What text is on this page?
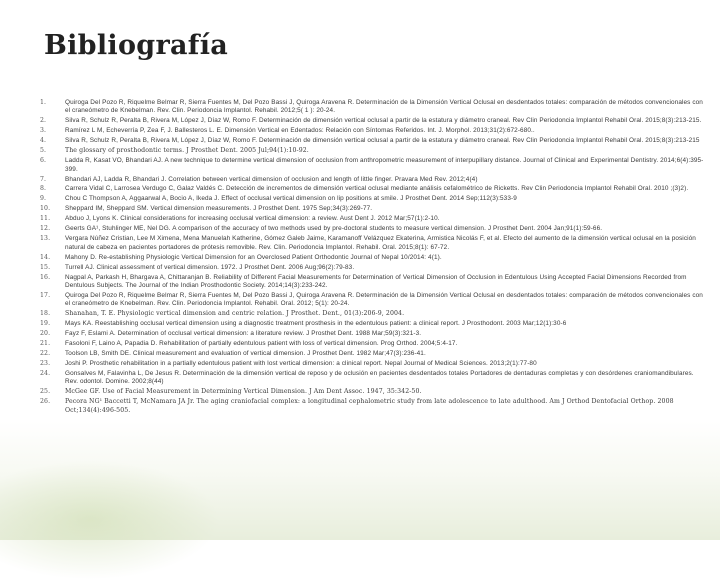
Bibliografía
1.	Quiroga Del Pozo R, Riquelme Belmar R, Sierra Fuentes M, Del Pozo Bassi J, Quiroga Aravena R. Determinación de la Dimensión Vertical Oclusal en desdentados totales: comparación de métodos convencionales con el craneómetro de Knebelman. Rev. Clin. Periodoncia Implantol. Rehabil. 2012;5( 1 ): 20-24.
2.	Silva R, Schulz R, Peralta B, Rivera M, López J, Díaz W, Romo F. Determinación de dimensión vertical oclusal a partir de la estatura y diámetro craneal. Rev Clin Periodoncia Implantol Rehabil Oral. 2015;8(3):213-215.
3.	Ramírez L M, Echeverría P, Zea F, J. Ballesteros L. E. Dimensión Vertical en Edentados: Relación con Síntomas Referidos. Int. J. Morphol. 2013;31(2):672-680..
4.	Silva R, Schulz R, Peralta B, Rivera M, López J, Díaz W, Romo F. Determinación de dimensión vertical oclusal a partir de la estatura y diámetro craneal. Rev Clin Periodoncia Implantol Rehabil Oral. 2015;8(3):213-215
5.	The glossary of prosthodontic terms. J Prosthet Dent. 2005 Jul;94(1):10-92.
6.	Ladda R, Kasat VO, Bhandari AJ. A new technique to determine vertical dimension of occlusion from anthropometric measurement of interpupillary distance. Journal of Clinical and Experimental Dentistry. 2014;6(4):395-399.
7.	Bhandari AJ, Ladda R, Bhandari J. Correlation between vertical dimension of occlusion and length of little finger. Pravara Med Rev. 2012;4(4)
8.	Carrera Vidal C, Larrosea Verdugo C, Galaz Valdés C. Detección de incrementos de dimensión vertical oclusal mediante análisis cefalométrico de Ricketts. Rev Clin Periodoncia Implantol Rehabil Oral. 2010 ;(3)2).
9.	Chou C Thompson A, Aggaarwal A, Bocio A, Ikeda J. Effect of occlusal vertical dimension on lip positions at smile. J Prosthet Dent. 2014 Sep;112(3):533-9
10.	Sheppard IM, Sheppard SM. Vertical dimension measurements. J Prosthet Dent. 1975 Sep;34(3):269-77.
11.	Abduo J, Lyons K. Clinical considerations for increasing occlusal vertical dimension: a review. Aust Dent J. 2012 Mar;57(1):2-10.
12.	Geerts GA¹, Stuhlinger ME, Nel DG. A comparison of the accuracy of two methods used by pre-doctoral students to measure vertical dimension. J Prosthet Dent. 2004 Jan;91(1):59-66.
13.	Vergara Núñez Cristian, Lee M Ximena, Mena Manuelah Katherine, Gómez Galeb Jaime, Karamanoff Velázquez Ekaterina, Armistica Nicolás F, et al. Efecto del aumento de la dimensión vertical oclusal en la posición natural de cabeza en pacientes portadores de prótesis removible. Rev. Clin. Periodoncia Implantol. Rehabil. Oral. 2015;8(1): 67-72.
14.	Mahony D. Re-establishing Physiologic Vertical Dimension for an Overclosed Patient Orthodontic Journal of Nepal 10/2014: 4(1).
15.	Turrell AJ. Clinical assessment of vertical dimension. 1972. J Prosthet Dent. 2006 Aug;96(2):79-83.
16.	Nagpal A, Parkash H, Bhargava A, Chittaranjan B. Reliability of Different Facial Measurements for Determination of Vertical Dimension of Occlusion in Edentulous Using Accepted Facial Dimensions Recorded from Dentulous Subjects. The Journal of the Indian Prosthodontic Society. 2014;14(3):233-242.
17.	Quiroga Del Pozo R, Riquelme Belmar R, Sierra Fuentes M, Del Pozo Bassi J, Quiroga Aravena R. Determinación de la Dimensión Vertical Oclusal en desdentados totales: comparación de métodos convencionales con el craneómetro de Knebelman. Rev. Clin. Periodoncia Implantol. Rehabil. Oral. 2012; 5(1): 20-24.
18.	Shanahan, T. E. Physiologic vertical dimension and centric relation. J Prosthet. Dent., 01(3):206-9, 2004.
19.	Mays KA. Reestablishing occlusal vertical dimension using a diagnostic treatment prosthesis in the edentulous patient: a clinical report. J Prosthodont. 2003 Mar;12(1):30-6
20.	Fayz F, Eslami A. Determination of occlusal vertical dimension: a literature review. J Prosthet Dent. 1988 Mar;59(3):321-3.
21.	Fasoloni F, Laino A, Papadia D. Rehabilitation of partially edentulous patient with loss of vertical dimension. Prog Orthod. 2004;5:4-17.
22.	Toolson LB, Smith DE. Clinical measurement and evaluation of vertical dimension. J Prosthet Dent. 1982 Mar;47(3):236-41.
23.	Joshi P. Prosthetic rehabilitation in a partially edentulous patient with lost vertical dimension: a clinical report. Nepal Journal of Medical Sciences. 2013;2(1):77-80
24.	Gonsalves M, Falavinha L, De Jesus R. Determinación de la dimensión vertical de reposo y de oclusión en pacientes desdentados totales Portadores de dentaduras completas y con desórdenes craniomandibulares. Rev. odontol. Domine. 2002;8(44)
25.	McGee GF. Use of Facial Measurement in Determining Vertical Dimension. J Am Dent Assoc. 1947, 35:342-50.
26.	Pecora NG¹ Baccetti T, McNamara JA Jr. The aging craniofacial complex: a longitudinal cephalometric study from late adolescence to late adulthood. Am J Orthod Dentofacial Orthop. 2008 Oct;134(4):496-505.
